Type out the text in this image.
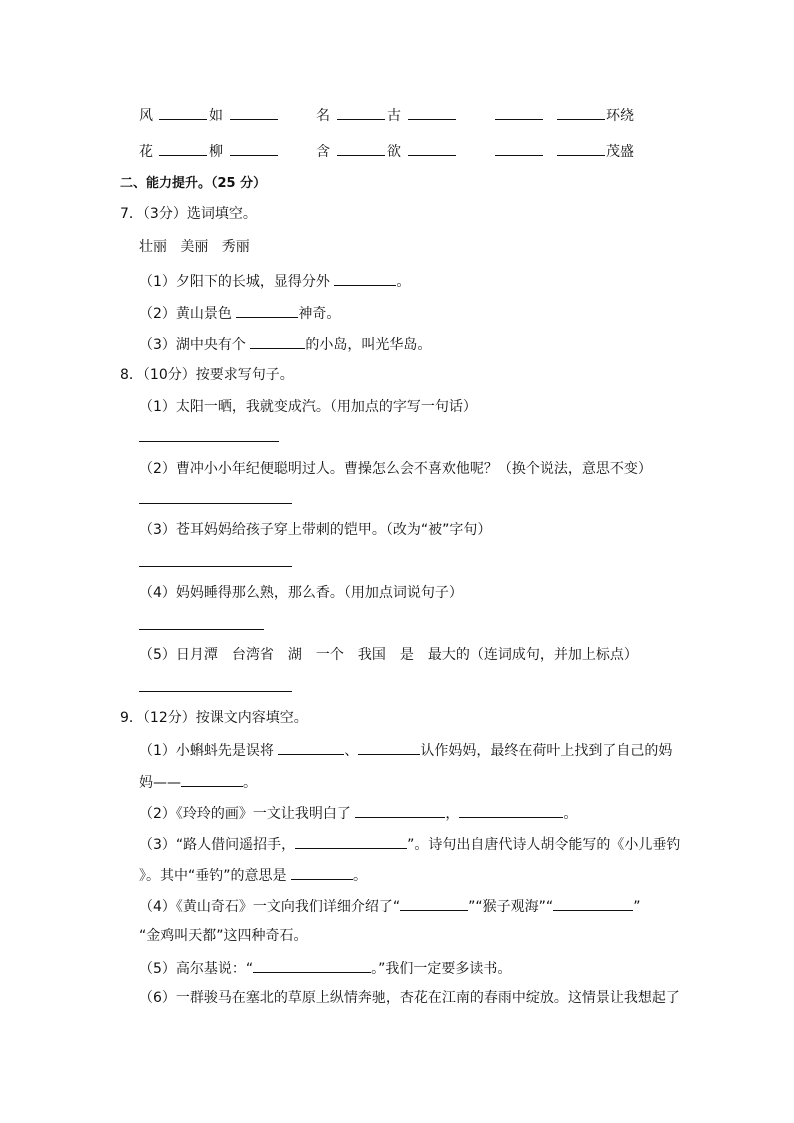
风	如	名	古	环绕
花	柳	含	欲	茂盛
二、能力提升。（25 分）
7．（3分）选词填空。
壮丽 美丽 秀丽
（1）夕阳下的长城，显得分外	。
（2）黄山景色	神奇。
（3）湖中央有个	的小岛，叫光华岛。
8．（10分）按要求写句子。
（1）太阳一晒，我就变成汽。（用加点的字写一句话）
（2）曹冲小小年纪便聪明过人。曹操怎么会不喜欢他呢？（换个说法，意思不变）
（3）苍耳妈妈给孩子穿上带刺的铠甲。（改为“被”字句）
（4）妈妈睡得那么熟，那么香。（用加点词说句子）
（5）日月潭　台湾省　湖　一个　我国　是　最大的（连词成句，并加上标点）
9．（12分）按课文内容填空。
（1）小蝌蚪先是误将	、	认作妈妈，最终在荷叶上找到了自己的妈
妈——	。
（2）《玲玲的画》一文让我明白了	，	。
（3）“路人借问遥招手，	”。诗句出自唐代诗人胡令能写的《小儿垂钓
》。其中“垂钓”的意思是	。
（4）《黄山奇石》一文向我们详细介绍了“	”“猴子观海”“	”
“金鸡叫天都”这四种奇石。
（5）高尔基说：“	。”我们一定要多读书。
（6）一群骏马在塞北的草原上纵情奔驰，杏花在江南的春雨中绽放。这情景让我想起了
